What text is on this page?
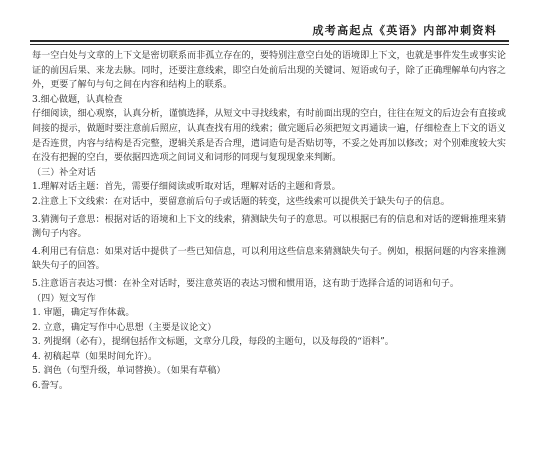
成考高起点《英语》内部冲刺资料

每一空白处与文章的上下文是密切联系而非孤立存在的，要特别注意空白处的语境即上下文，也就是事件发生或事实论证的前因后果、来龙去脉。同时，还要注意线索，即空白处前后出现的关键词、短语或句子，除了正确理解单句内容之外，更要了解句与句之间在内容和结构上的联系。

3.细心做题，认真检查

仔细阅读，细心观察，认真分析，谨慎选择，从短文中寻找线索，有时前面出现的空白，往往在短文的后边会有直接或间接的提示，做题时要注意前后照应，认真查找有用的线索；做完题后必须把短文再通读一遍，仔细检查上下文的语义是否连贯，内容与结构是否完整，逻辑关系是否合理，遣词造句是否贴切等，不妥之处再加以修改；对个别难度较大实在没有把握的空白，要依据四选项之间词义和词形的同现与复现现象来判断。

（三）补全对话

1.理解对话主题：首先，需要仔细阅读或听取对话，理解对话的主题和背景。

2.注意上下文线索：在对话中，要留意前后句子或话题的转变，这些线索可以提供关于缺失句子的信息。

3.猜测句子意思：根据对话的语境和上下文的线索，猜测缺失句子的意思。可以根据已有的信息和对话的逻辑推理来猜测句子内容。

4.利用已有信息：如果对话中提供了一些已知信息，可以利用这些信息来猜测缺失句子。例如，根据问题的内容来推测缺失句子的回答。

5.注意语言表达习惯：在补全对话时，要注意英语的表达习惯和惯用语，这有助于选择合适的词语和句子。

（四）短文写作

1. 审题，确定写作体裁。

2. 立意，确定写作中心思想（主要是议论文）

3. 列提纲（必有），提纲包括作文标题，文章分几段，每段的主题句，以及每段的“语料”。

4. 初稿起草（如果时间允许）。

5. 润色（句型升级，单词替换）。（如果有草稿）

6.誊写。
